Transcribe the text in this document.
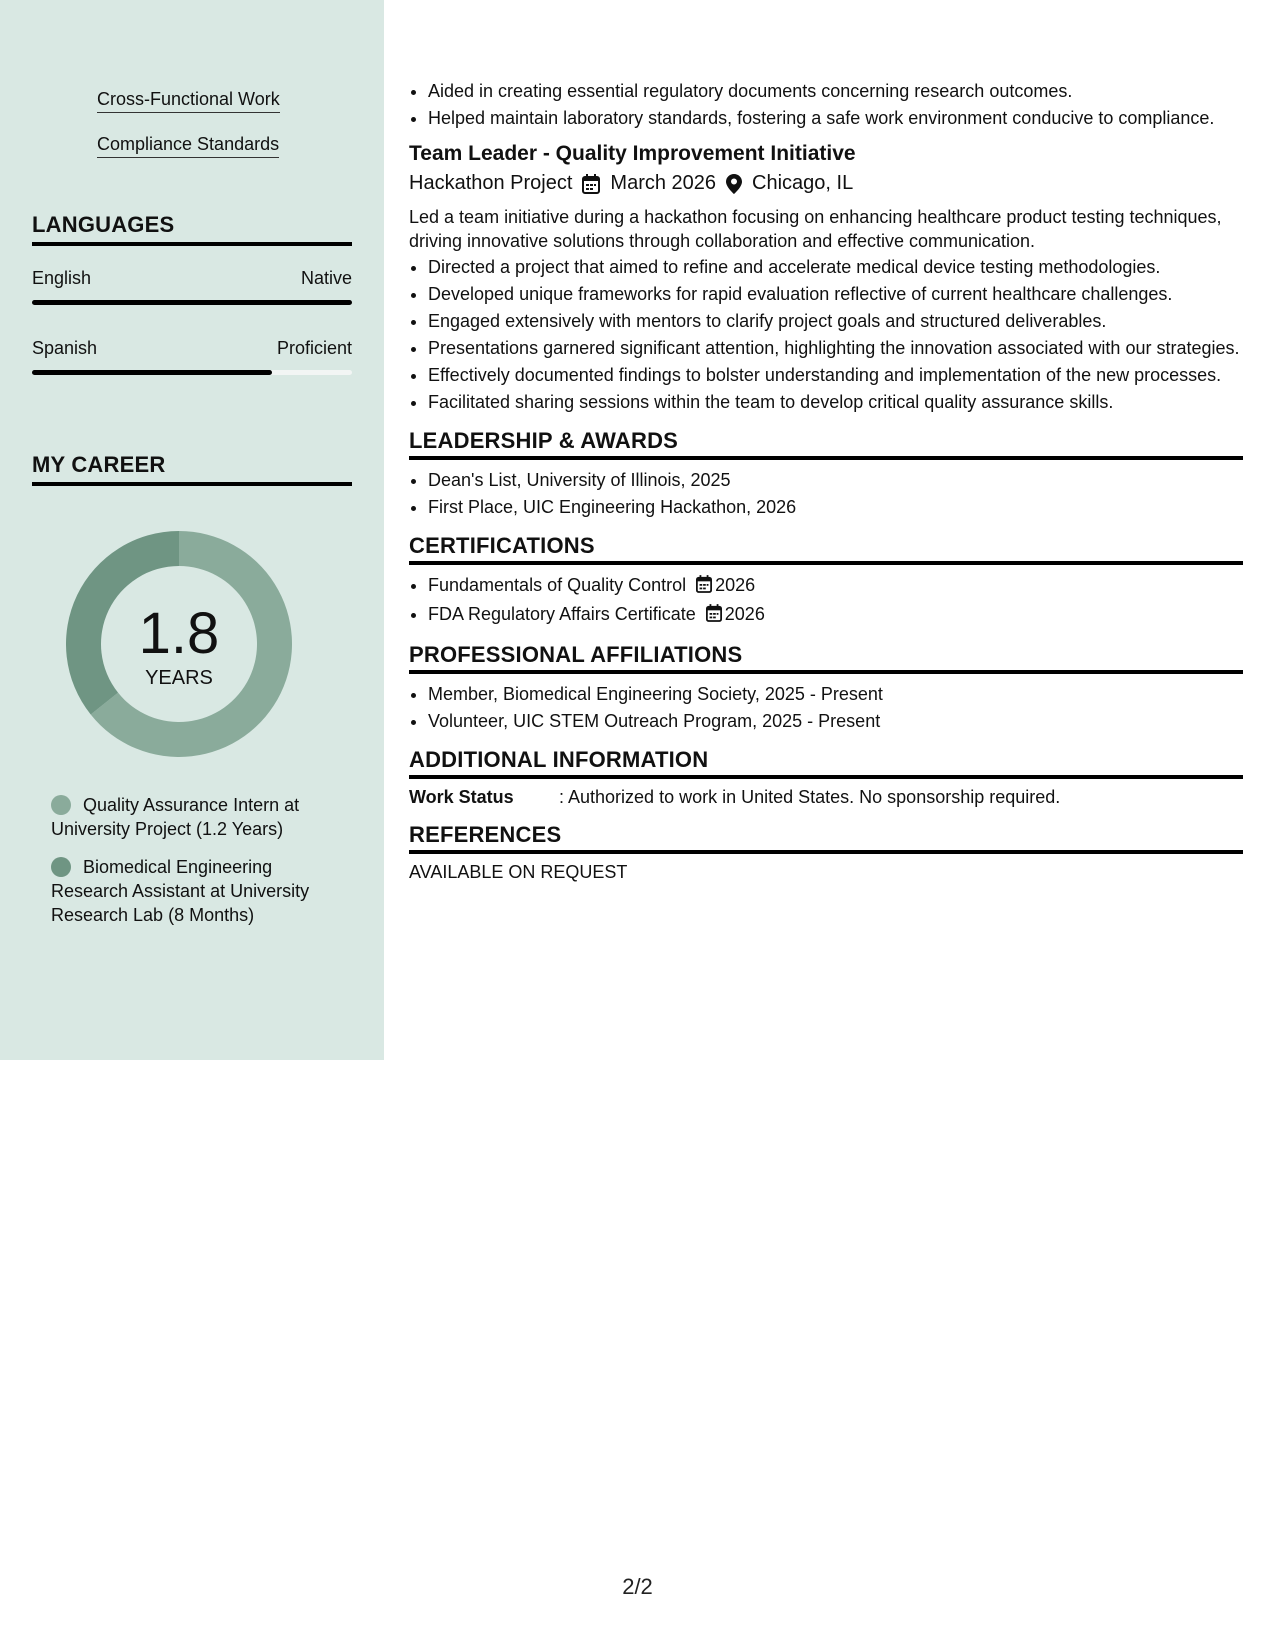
Cross-Functional Work
Compliance Standards
LANGUAGES
English	Native
Spanish	Proficient
MY CAREER
1.8
YEARS
Quality Assurance Intern at University Project (1.2 Years)
Biomedical Engineering Research Assistant at University Research Lab (8 Months)
• Aided in creating essential regulatory documents concerning research outcomes.
• Helped maintain laboratory standards, fostering a safe work environment conducive to compliance.
Team Leader - Quality Improvement Initiative
Hackathon Project March 2026 Chicago, IL
Led a team initiative during a hackathon focusing on enhancing healthcare product testing techniques, driving innovative solutions through collaboration and effective communication.
• Directed a project that aimed to refine and accelerate medical device testing methodologies.
• Developed unique frameworks for rapid evaluation reflective of current healthcare challenges.
• Engaged extensively with mentors to clarify project goals and structured deliverables.
• Presentations garnered significant attention, highlighting the innovation associated with our strategies.
• Effectively documented findings to bolster understanding and implementation of the new processes.
• Facilitated sharing sessions within the team to develop critical quality assurance skills.
LEADERSHIP & AWARDS
• Dean's List, University of Illinois, 2025
• First Place, UIC Engineering Hackathon, 2026
CERTIFICATIONS
• Fundamentals of Quality Control 2026
• FDA Regulatory Affairs Certificate 2026
PROFESSIONAL AFFILIATIONS
• Member, Biomedical Engineering Society, 2025 - Present
• Volunteer, UIC STEM Outreach Program, 2025 - Present
ADDITIONAL INFORMATION
Work Status	: Authorized to work in United States. No sponsorship required.
REFERENCES
AVAILABLE ON REQUEST
2/2
